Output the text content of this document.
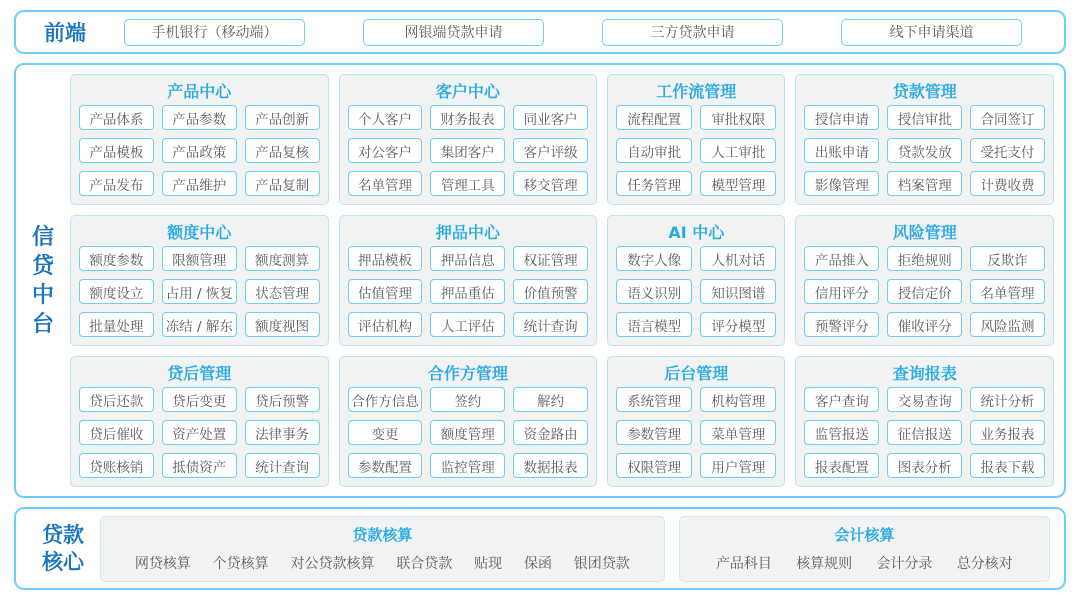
前端	手机银行（移动端）	网银端贷款申请	三方贷款申请	线下申请渠道
信
贷
中
台
产品中心
产品体系	产品参数	产品创新
产品模板	产品政策	产品复核
产品发布	产品维护	产品复制
客户中心
个人客户	财务报表	同业客户
对公客户	集团客户	客户评级
名单管理	管理工具	移交管理
工作流管理
流程配置	审批权限
自动审批	人工审批
任务管理	模型管理
贷款管理
授信申请	授信审批	合同签订
出账申请	贷款发放	受托支付
影像管理	档案管理	计费收费
额度中心
额度参数	限额管理	额度测算
额度设立	占用 / 恢复	状态管理
批量处理	冻结 / 解东	额度视图
押品中心
押品模板	押品信息	权证管理
估值管理	押品重估	价值预警
评估机构	人工评估	统计查询
AI 中心
数字人像	人机对话
语义识别	知识图谱
语言模型	评分模型
风险管理
产品推入	拒绝规则	反欺诈
信用评分	授信定价	名单管理
预警评分	催收评分	风险监测
贷后管理
贷后还款	贷后变更	贷后预警
贷后催收	资产处置	法律事务
贷账核销	抵债资产	统计查询
合作方管理
合作方信息	签约	解约
变更	额度管理	资金路由
参数配置	监控管理	数据报表
后台管理
系统管理	机构管理
参数管理	菜单管理
权限管理	用户管理
查询报表
客户查询	交易查询	统计分析
监管报送	征信报送	业务报表
报表配置	图表分析	报表下载
贷款
核心
贷款核算
网贷核算 个贷核算 对公贷款核算 联合贷款 贴现 保函 银团贷款
会计核算
产品科目 核算规则 会计分录 总分核对
